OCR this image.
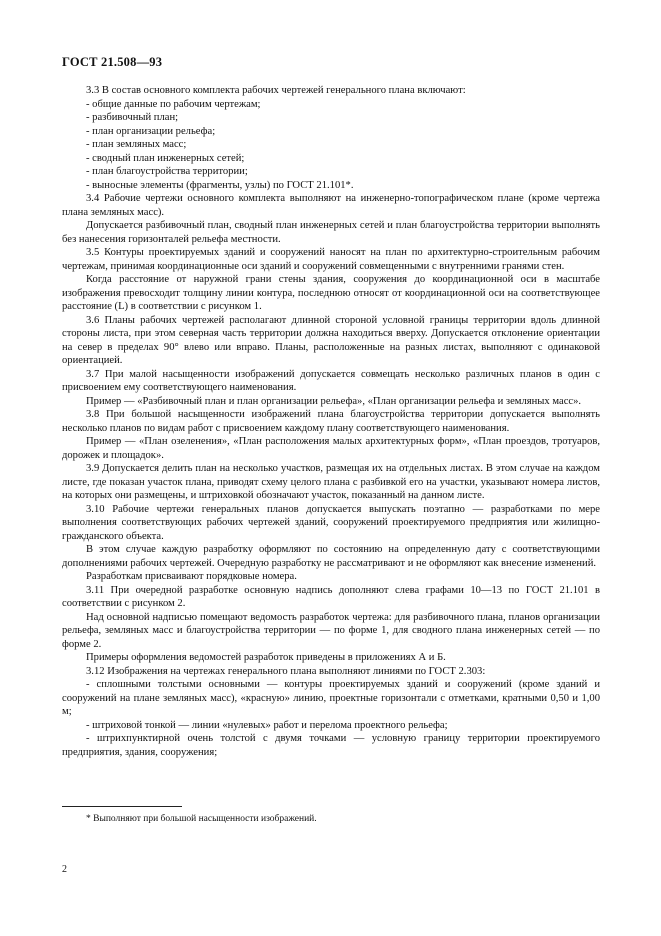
ГОСТ 21.508—93

3.3 В состав основного комплекта рабочих чертежей генерального плана включают:

- общие данные по рабочим чертежам;

- разбивочный план;

- план организации рельефа;

- план земляных масс;

- сводный план инженерных сетей;

- план благоустройства территории;

- выносные элементы (фрагменты, узлы) по ГОСТ 21.101*.

3.4 Рабочие чертежи основного комплекта выполняют на инженерно-топографическом плане (кроме чертежа плана земляных масс).

Допускается разбивочный план, сводный план инженерных сетей и план благоустройства территории выполнять без нанесения горизонталей рельефа местности.

3.5 Контуры проектируемых зданий и сооружений наносят на план по архитектурно-строительным рабочим чертежам, принимая координационные оси зданий и сооружений совмещенными с внутренними гранями стен.

Когда расстояние от наружной грани стены здания, сооружения до координационной оси в масштабе изображения превосходит толщину линии контура, последнюю относят от координационной оси на соответствующее расстояние (L) в соответствии с рисунком 1.

3.6 Планы рабочих чертежей располагают длинной стороной условной границы территории вдоль длинной стороны листа, при этом северная часть территории должна находиться вверху. Допускается отклонение ориентации на север в пределах 90° влево или вправо. Планы, расположенные на разных листах, выполняют с одинаковой ориентацией.

3.7 При малой насыщенности изображений допускается совмещать несколько различных планов в один с присвоением ему соответствующего наименования.

Пример — «Разбивочный план и план организации рельефа», «План организации рельефа и земляных масс».

3.8 При большой насыщенности изображений плана благоустройства территории допускается выполнять несколько планов по видам работ с присвоением каждому плану соответствующего наименования.

Пример — «План озеленения», «План расположения малых архитектурных форм», «План проездов, тротуаров, дорожек и площадок».

3.9 Допускается делить план на несколько участков, размещая их на отдельных листах. В этом случае на каждом листе, где показан участок плана, приводят схему целого плана с разбивкой его на участки, указывают номера листов, на которых они размещены, и штриховкой обозначают участок, показанный на данном листе.

3.10 Рабочие чертежи генеральных планов допускается выпускать поэтапно — разработками по мере выполнения соответствующих рабочих чертежей зданий, сооружений проектируемого предприятия или жилищно-гражданского объекта.

В этом случае каждую разработку оформляют по состоянию на определенную дату с соответствующими дополнениями рабочих чертежей. Очередную разработку не рассматривают и не оформляют как внесение изменений.

Разработкам присваивают порядковые номера.

3.11 При очередной разработке основную надпись дополняют слева графами 10—13 по ГОСТ 21.101 в соответствии с рисунком 2.

Над основной надписью помещают ведомость разработок чертежа: для разбивочного плана, планов организации рельефа, земляных масс и благоустройства территории — по форме 1, для сводного плана инженерных сетей — по форме 2.

Примеры оформления ведомостей разработок приведены в приложениях А и Б.

3.12 Изображения на чертежах генерального плана выполняют линиями по ГОСТ 2.303:

- сплошными толстыми основными — контуры проектируемых зданий и сооружений (кроме зданий и сооружений на плане земляных масс), «красную» линию, проектные горизонтали с отметками, кратными 0,50 и 1,00 м;

- штриховой тонкой — линии «нулевых» работ и перелома проектного рельефа;

- штрихпунктирной очень толстой с двумя точками — условную границу территории проектируемого предприятия, здания, сооружения;

* Выполняют при большой насыщенности изображений.
2
